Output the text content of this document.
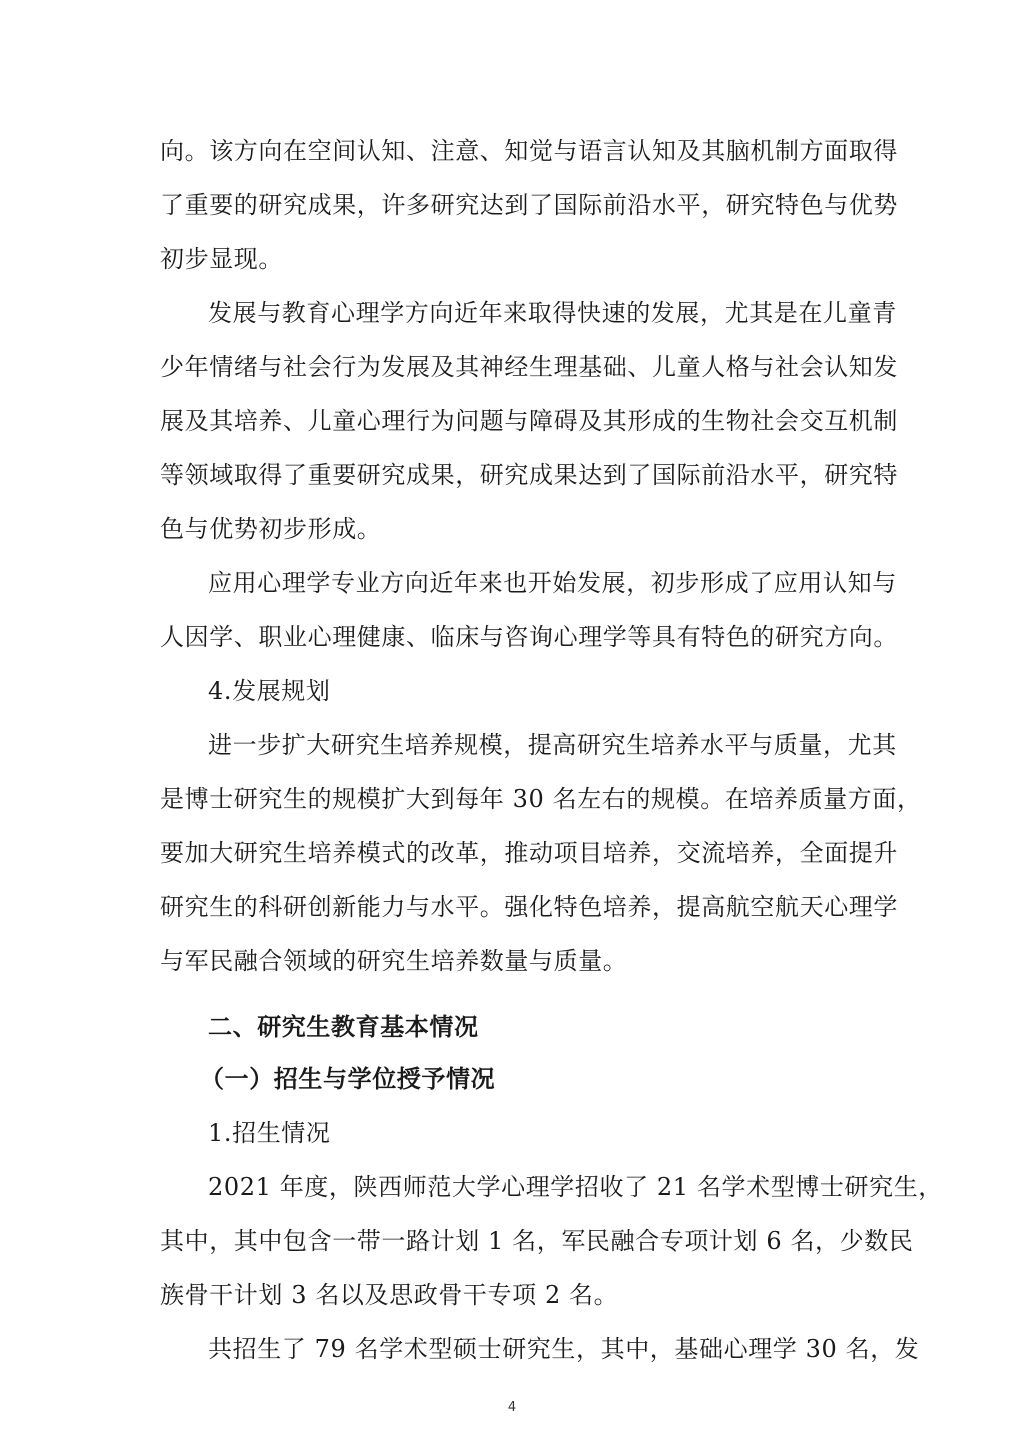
向。该方向在空间认知、注意、知觉与语言认知及其脑机制方面取得
了重要的研究成果，许多研究达到了国际前沿水平，研究特色与优势
初步显现。
发展与教育心理学方向近年来取得快速的发展，尤其是在儿童青
少年情绪与社会行为发展及其神经生理基础、儿童人格与社会认知发
展及其培养、儿童心理行为问题与障碍及其形成的生物社会交互机制
等领域取得了重要研究成果，研究成果达到了国际前沿水平，研究特
色与优势初步形成。
应用心理学专业方向近年来也开始发展，初步形成了应用认知与
人因学、职业心理健康、临床与咨询心理学等具有特色的研究方向。
4.发展规划
进一步扩大研究生培养规模，提高研究生培养水平与质量，尤其
是博士研究生的规模扩大到每年 30 名左右的规模。在培养质量方面，
要加大研究生培养模式的改革，推动项目培养，交流培养，全面提升
研究生的科研创新能力与水平。强化特色培养，提高航空航天心理学
与军民融合领域的研究生培养数量与质量。
二、研究生教育基本情况
（一）招生与学位授予情况
1.招生情况
2021 年度，陕西师范大学心理学招收了 21 名学术型博士研究生，
其中，其中包含一带一路计划 1 名，军民融合专项计划 6 名，少数民
族骨干计划 3 名以及思政骨干专项 2 名。
共招生了 79 名学术型硕士研究生，其中，基础心理学 30 名，发
4
